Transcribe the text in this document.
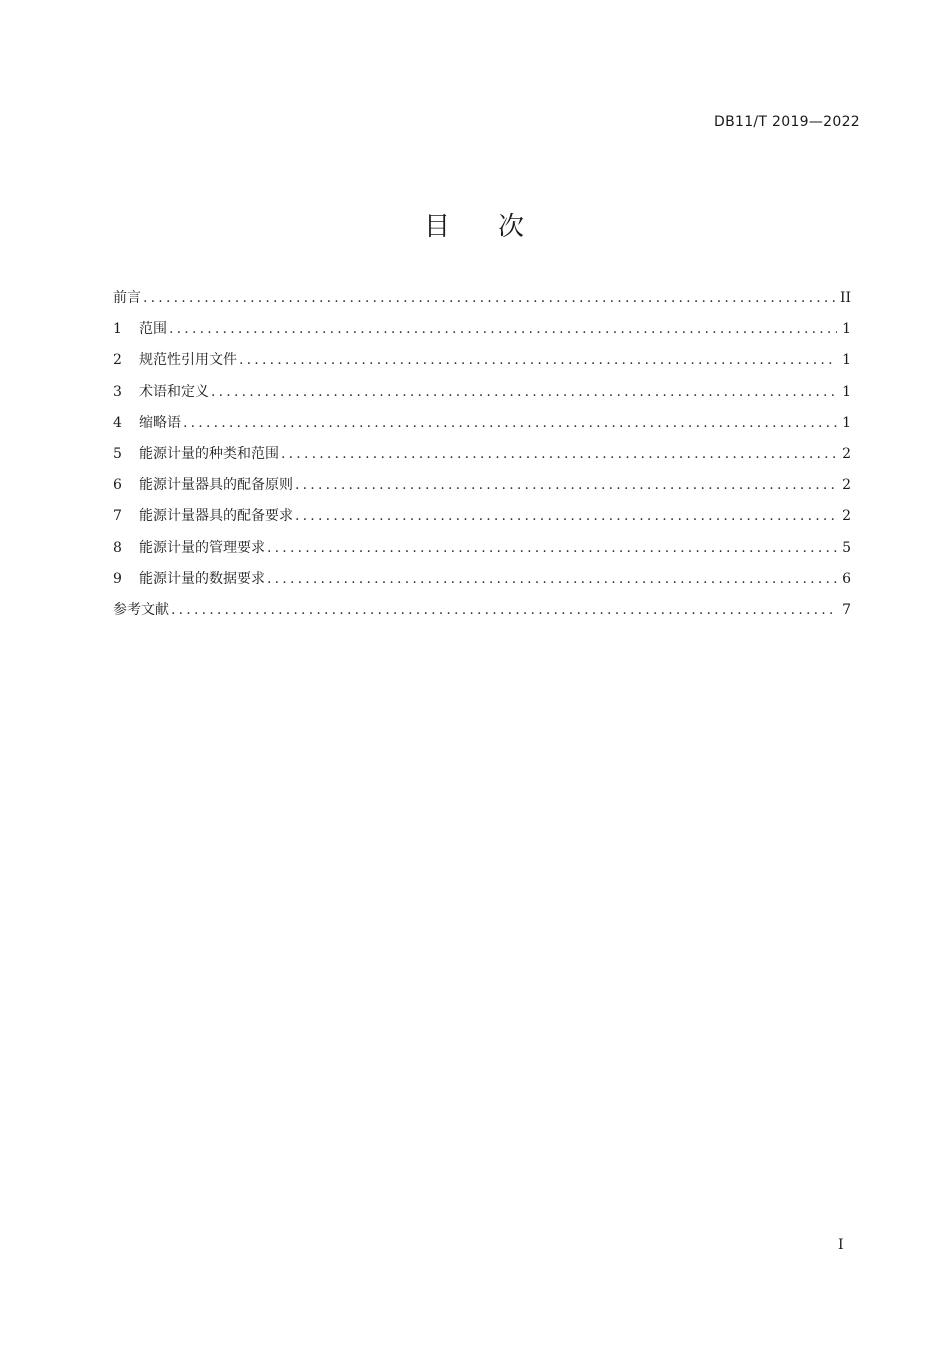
DB11/T 2019—2022
目 次
前言 .....	II
1	范围 .....	1
2	规范性引用文件 .....	1
3	术语和定义 .....	1
4	缩略语 .....	1
5	能源计量的种类和范围 .....	2
6	能源计量器具的配备原则 .....	2
7	能源计量器具的配备要求 .....	2
8	能源计量的管理要求 .....	5
9	能源计量的数据要求 .....	6
参考文献 .....	7
I
